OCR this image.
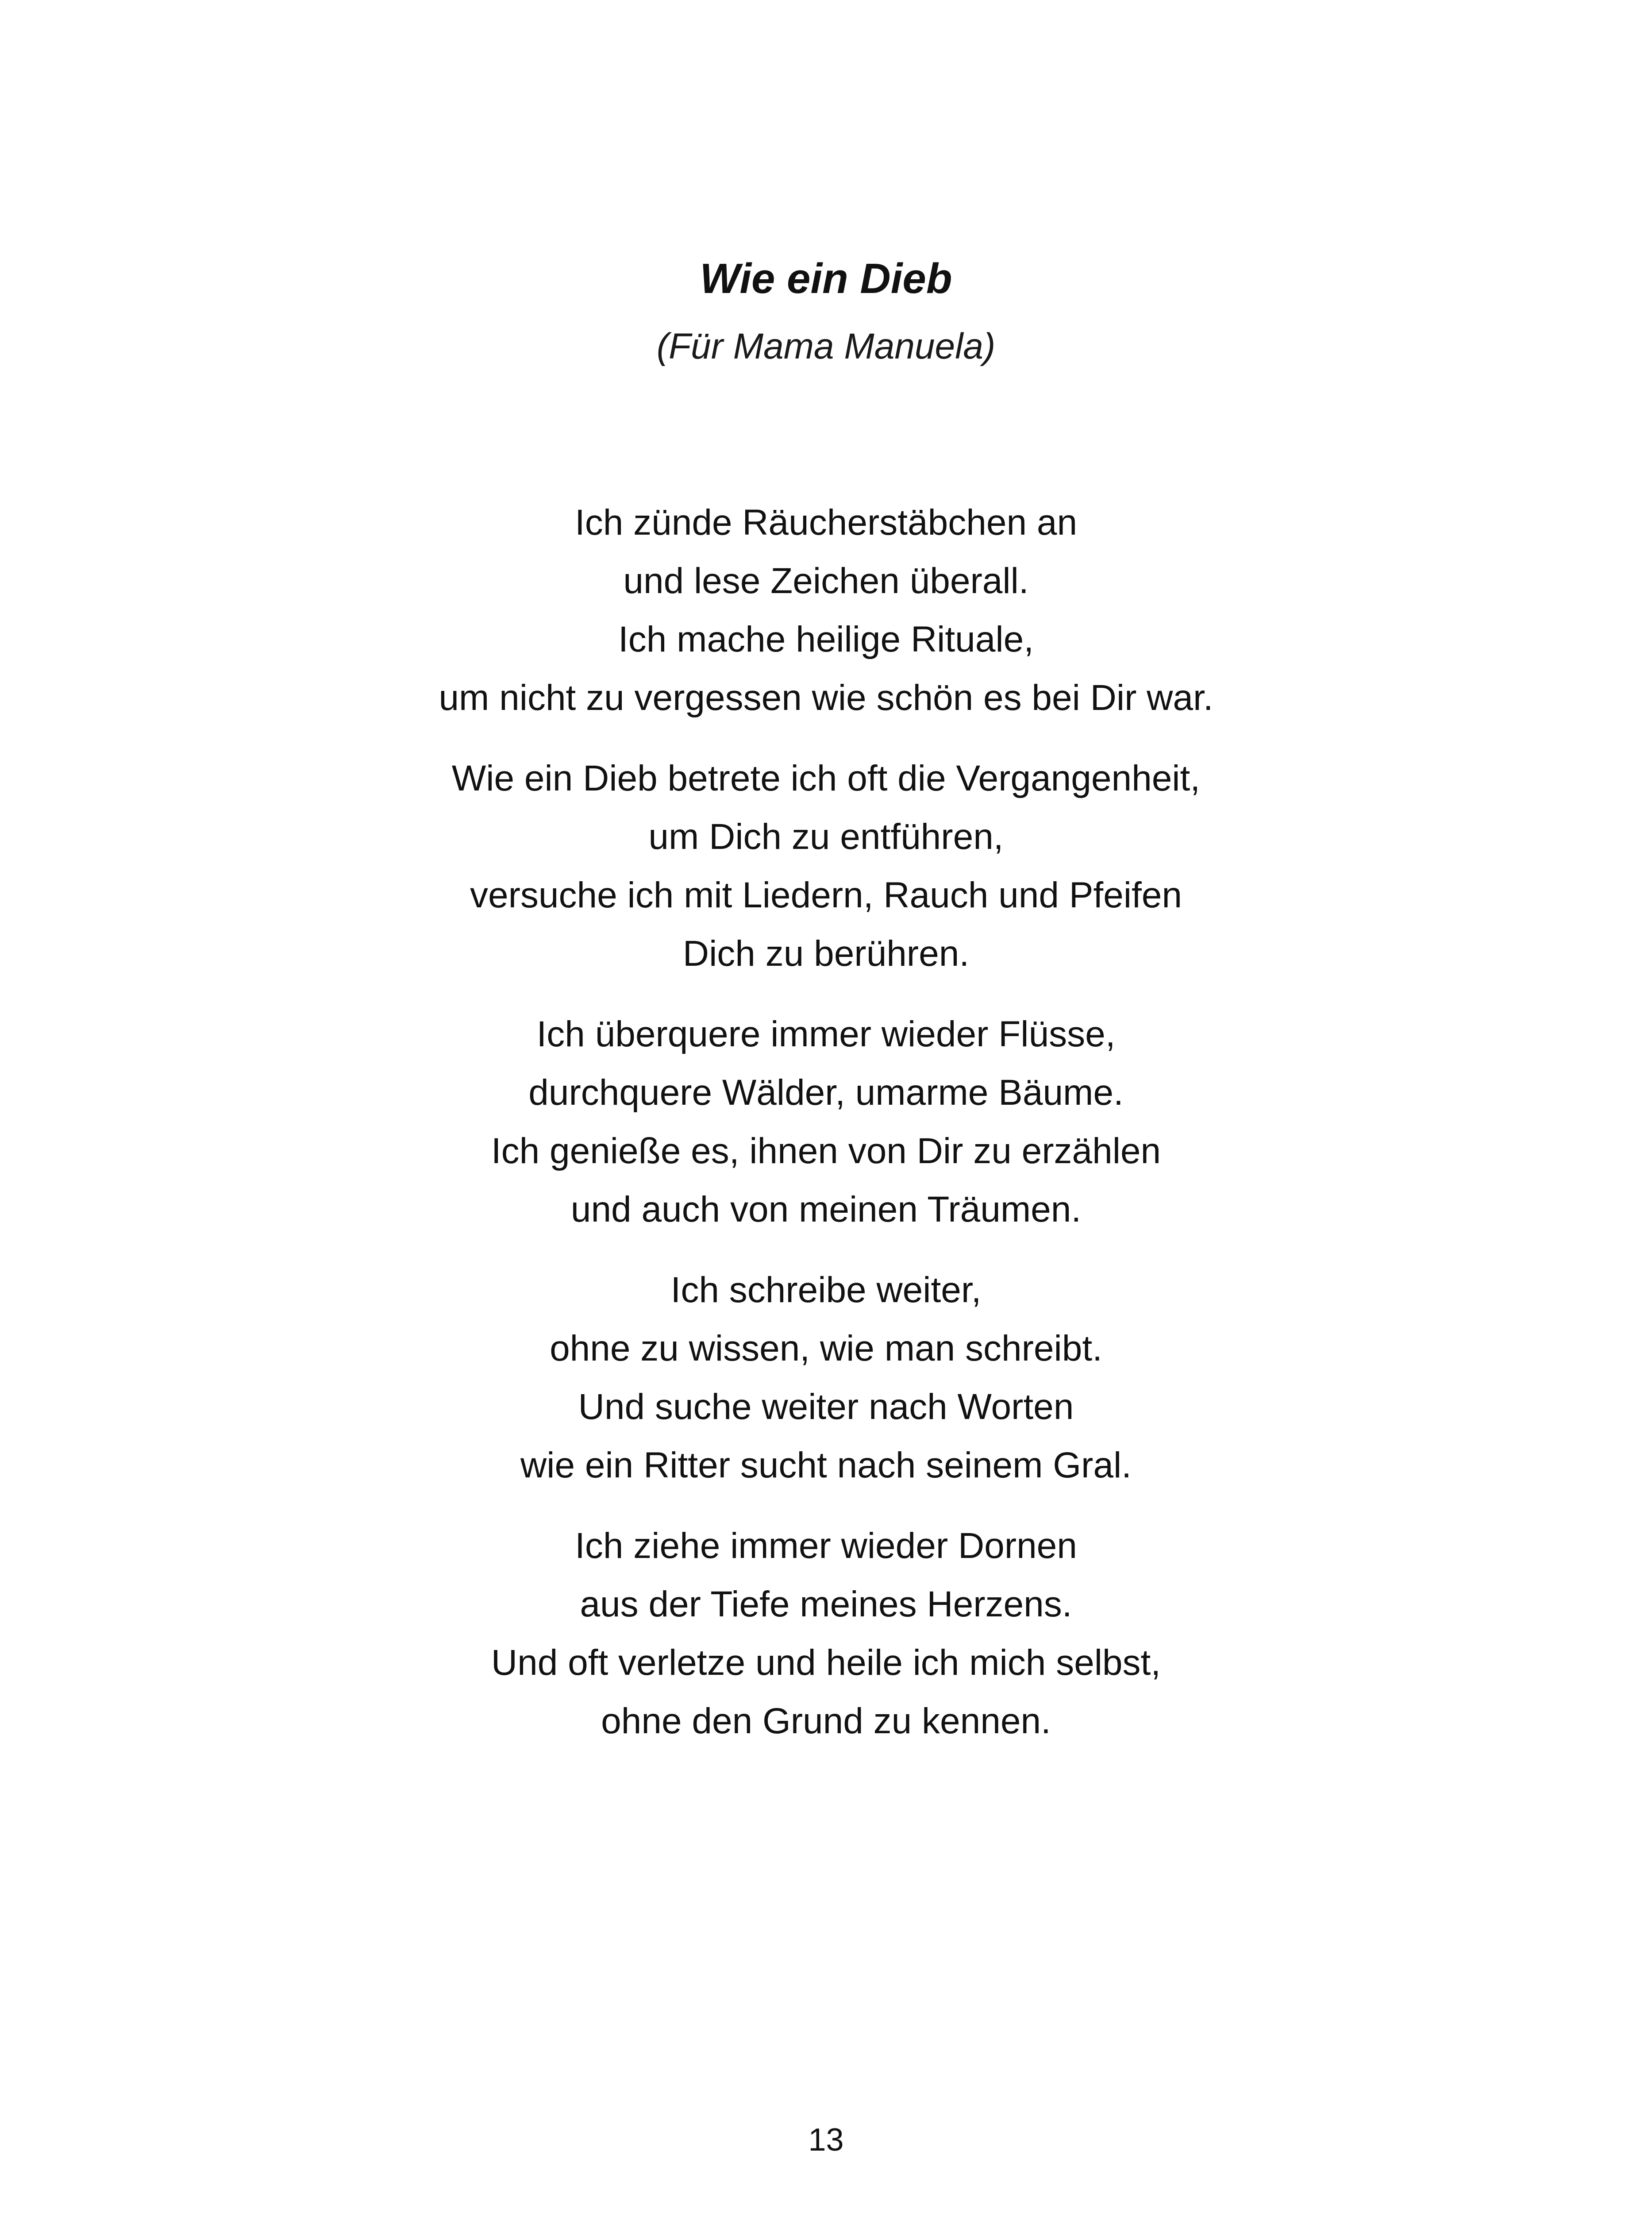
Wie ein Dieb

(Für Mama Manuela)

Ich zünde Räucherstäbchen an
und lese Zeichen überall.
Ich mache heilige Rituale,
um nicht zu vergessen wie schön es bei Dir war.
Wie ein Dieb betrete ich oft die Vergangenheit,
um Dich zu entführen,
versuche ich mit Liedern, Rauch und Pfeifen
Dich zu berühren.
Ich überquere immer wieder Flüsse,
durchquere Wälder, umarme Bäume.
Ich genieße es, ihnen von Dir zu erzählen
und auch von meinen Träumen.
Ich schreibe weiter,
ohne zu wissen, wie man schreibt.
Und suche weiter nach Worten
wie ein Ritter sucht nach seinem Gral.
Ich ziehe immer wieder Dornen
aus der Tiefe meines Herzens.
Und oft verletze und heile ich mich selbst,
ohne den Grund zu kennen.
13
